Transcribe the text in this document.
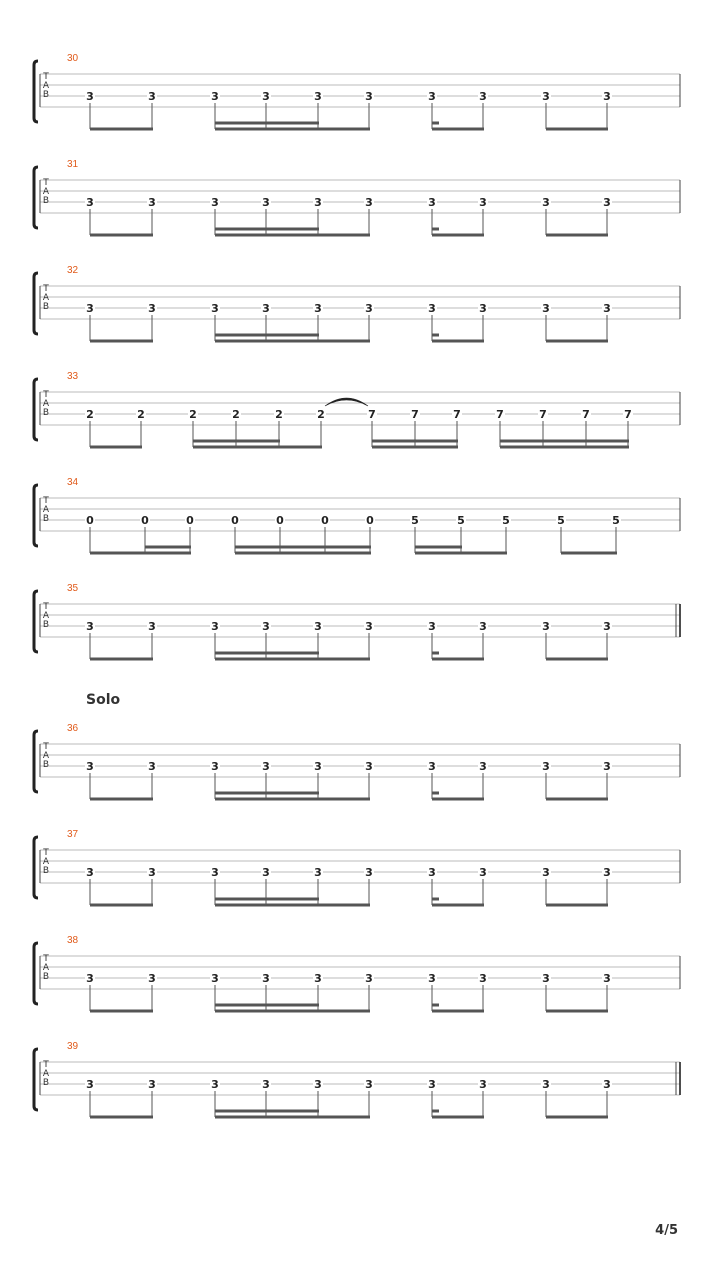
30
T
A
B	3	3	3	3	3	3	3	3	3	3
31
T
A
B	3	3	3	3	3	3	3	3	3	3
32
T
A
B	3	3	3	3	3	3	3	3	3	3
33
T
A
B	2	2	2	2	2	2	7	7	7	7	7	7	7
34
T
A
B	0	0	0	0	0	0	0	5	5	5	5	5
35
T
A
B	3	3	3	3	3	3	3	3	3	3
Solo
36
T
A
B	3	3	3	3	3	3	3	3	3	3
37
T
A
B	3	3	3	3	3	3	3	3	3	3
38
T
A
B	3	3	3	3	3	3	3	3	3	3
39
T
A
B	3	3	3	3	3	3	3	3	3	3
4/5
